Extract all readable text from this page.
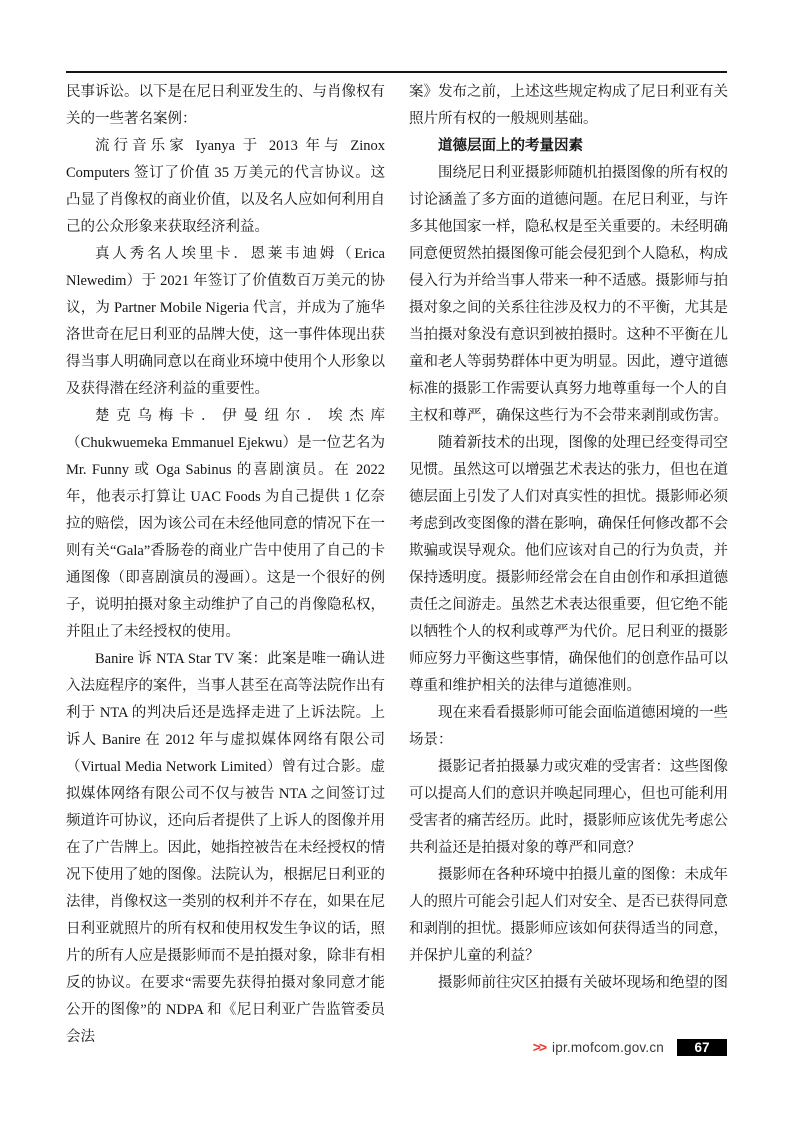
民事诉讼。以下是在尼日利亚发生的、与肖像权有关的一些著名案例：

流行音乐家 Iyanya 于 2013 年与 Zinox Computers 签订了价值 35 万美元的代言协议。这凸显了肖像权的商业价值，以及名人应如何利用自己的公众形象来获取经济利益。

真人秀名人埃里卡．恩莱韦迪姆（Erica Nlewedim）于 2021 年签订了价值数百万美元的协议，为 Partner Mobile Nigeria 代言，并成为了施华洛世奇在尼日利亚的品牌大使，这一事件体现出获得当事人明确同意以在商业环境中使用个人形象以及获得潜在经济利益的重要性。

楚克乌梅卡．伊曼纽尔．埃杰库（Chukwuemeka Emmanuel Ejekwu）是一位艺名为 Mr. Funny 或 Oga Sabinus 的喜剧演员。在 2022 年，他表示打算让 UAC Foods 为自己提供 1 亿奈拉的赔偿，因为该公司在未经他同意的情况下在一则有关“Gala”香肠卷的商业广告中使用了自己的卡通图像（即喜剧演员的漫画）。这是一个很好的例子，说明拍摄对象主动维护了自己的肖像隐私权，并阻止了未经授权的使用。

Banire 诉 NTA Star TV 案：此案是唯一确认进入法庭程序的案件，当事人甚至在高等法院作出有利于 NTA 的判决后还是选择走进了上诉法院。上诉人 Banire 在 2012 年与虚拟媒体网络有限公司（Virtual Media Network Limited）曾有过合影。虚拟媒体网络有限公司不仅与被告 NTA 之间签订过频道许可协议，还向后者提供了上诉人的图像并用在了广告牌上。因此，她指控被告在未经授权的情况下使用了她的图像。法院认为，根据尼日利亚的法律，肖像权这一类别的权利并不存在，如果在尼日利亚就照片的所有权和使用权发生争议的话，照片的所有人应是摄影师而不是拍摄对象，除非有相反的协议。在要求“需要先获得拍摄对象同意才能公开的图像”的 NDPA 和《尼日利亚广告监管委员会法

案》发布之前，上述这些规定构成了尼日利亚有关照片所有权的一般规则基础。

道德层面上的考量因素

围绕尼日利亚摄影师随机拍摄图像的所有权的讨论涵盖了多方面的道德问题。在尼日利亚，与许多其他国家一样，隐私权是至关重要的。未经明确同意便贸然拍摄图像可能会侵犯到个人隐私，构成侵入行为并给当事人带来一种不适感。摄影师与拍摄对象之间的关系往往涉及权力的不平衡，尤其是当拍摄对象没有意识到被拍摄时。这种不平衡在儿童和老人等弱势群体中更为明显。因此，遵守道德标准的摄影工作需要认真努力地尊重每一个人的自主权和尊严，确保这些行为不会带来剥削或伤害。

随着新技术的出现，图像的处理已经变得司空见惯。虽然这可以增强艺术表达的张力，但也在道德层面上引发了人们对真实性的担忧。摄影师必须考虑到改变图像的潜在影响，确保任何修改都不会欺骗或误导观众。他们应该对自己的行为负责，并保持透明度。摄影师经常会在自由创作和承担道德责任之间游走。虽然艺术表达很重要，但它绝不能以牺牲个人的权利或尊严为代价。尼日利亚的摄影师应努力平衡这些事情，确保他们的创意作品可以尊重和维护相关的法律与道德准则。

现在来看看摄影师可能会面临道德困境的一些场景：

摄影记者拍摄暴力或灾难的受害者：这些图像可以提高人们的意识并唤起同理心，但也可能利用受害者的痛苦经历。此时，摄影师应该优先考虑公共利益还是拍摄对象的尊严和同意？

摄影师在各种环境中拍摄儿童的图像：未成年人的照片可能会引起人们对安全、是否已获得同意和剥削的担忧。摄影师应该如何获得适当的同意，并保护儿童的利益？

摄影师前往灾区拍摄有关破坏现场和绝望的图

>> ipr.mofcom.gov.cn	67
